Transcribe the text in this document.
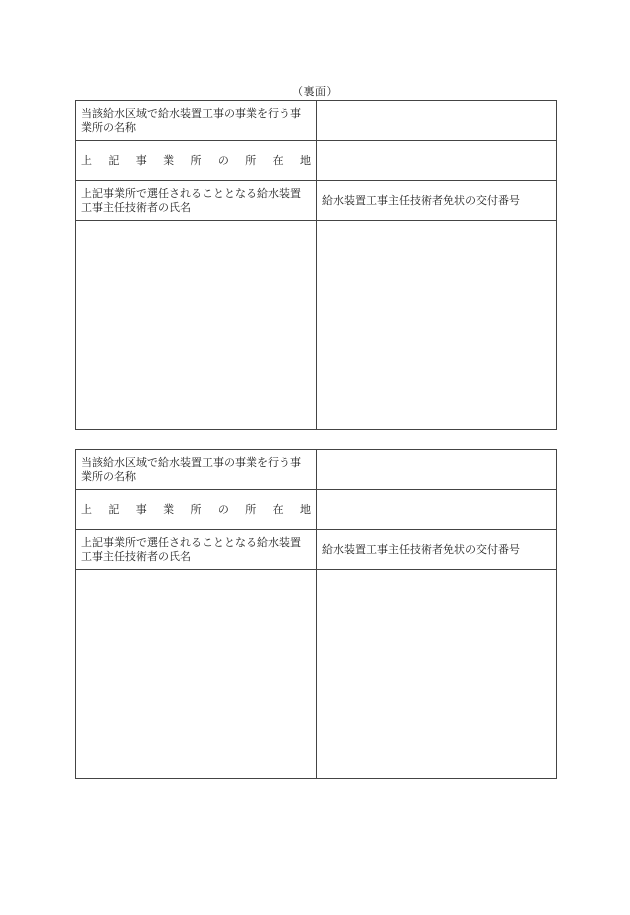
（裏面）
当該給水区域で給水装置工事の事業を行う事業所の名称	
上記事業所の所在地	
上記事業所で選任されることとなる給水装置工事主任技術者の氏名	給水装置工事主任技術者免状の交付番号

当該給水区域で給水装置工事の事業を行う事業所の名称	
上記事業所の所在地	
上記事業所で選任されることとなる給水装置工事主任技術者の氏名	給水装置工事主任技術者免状の交付番号
